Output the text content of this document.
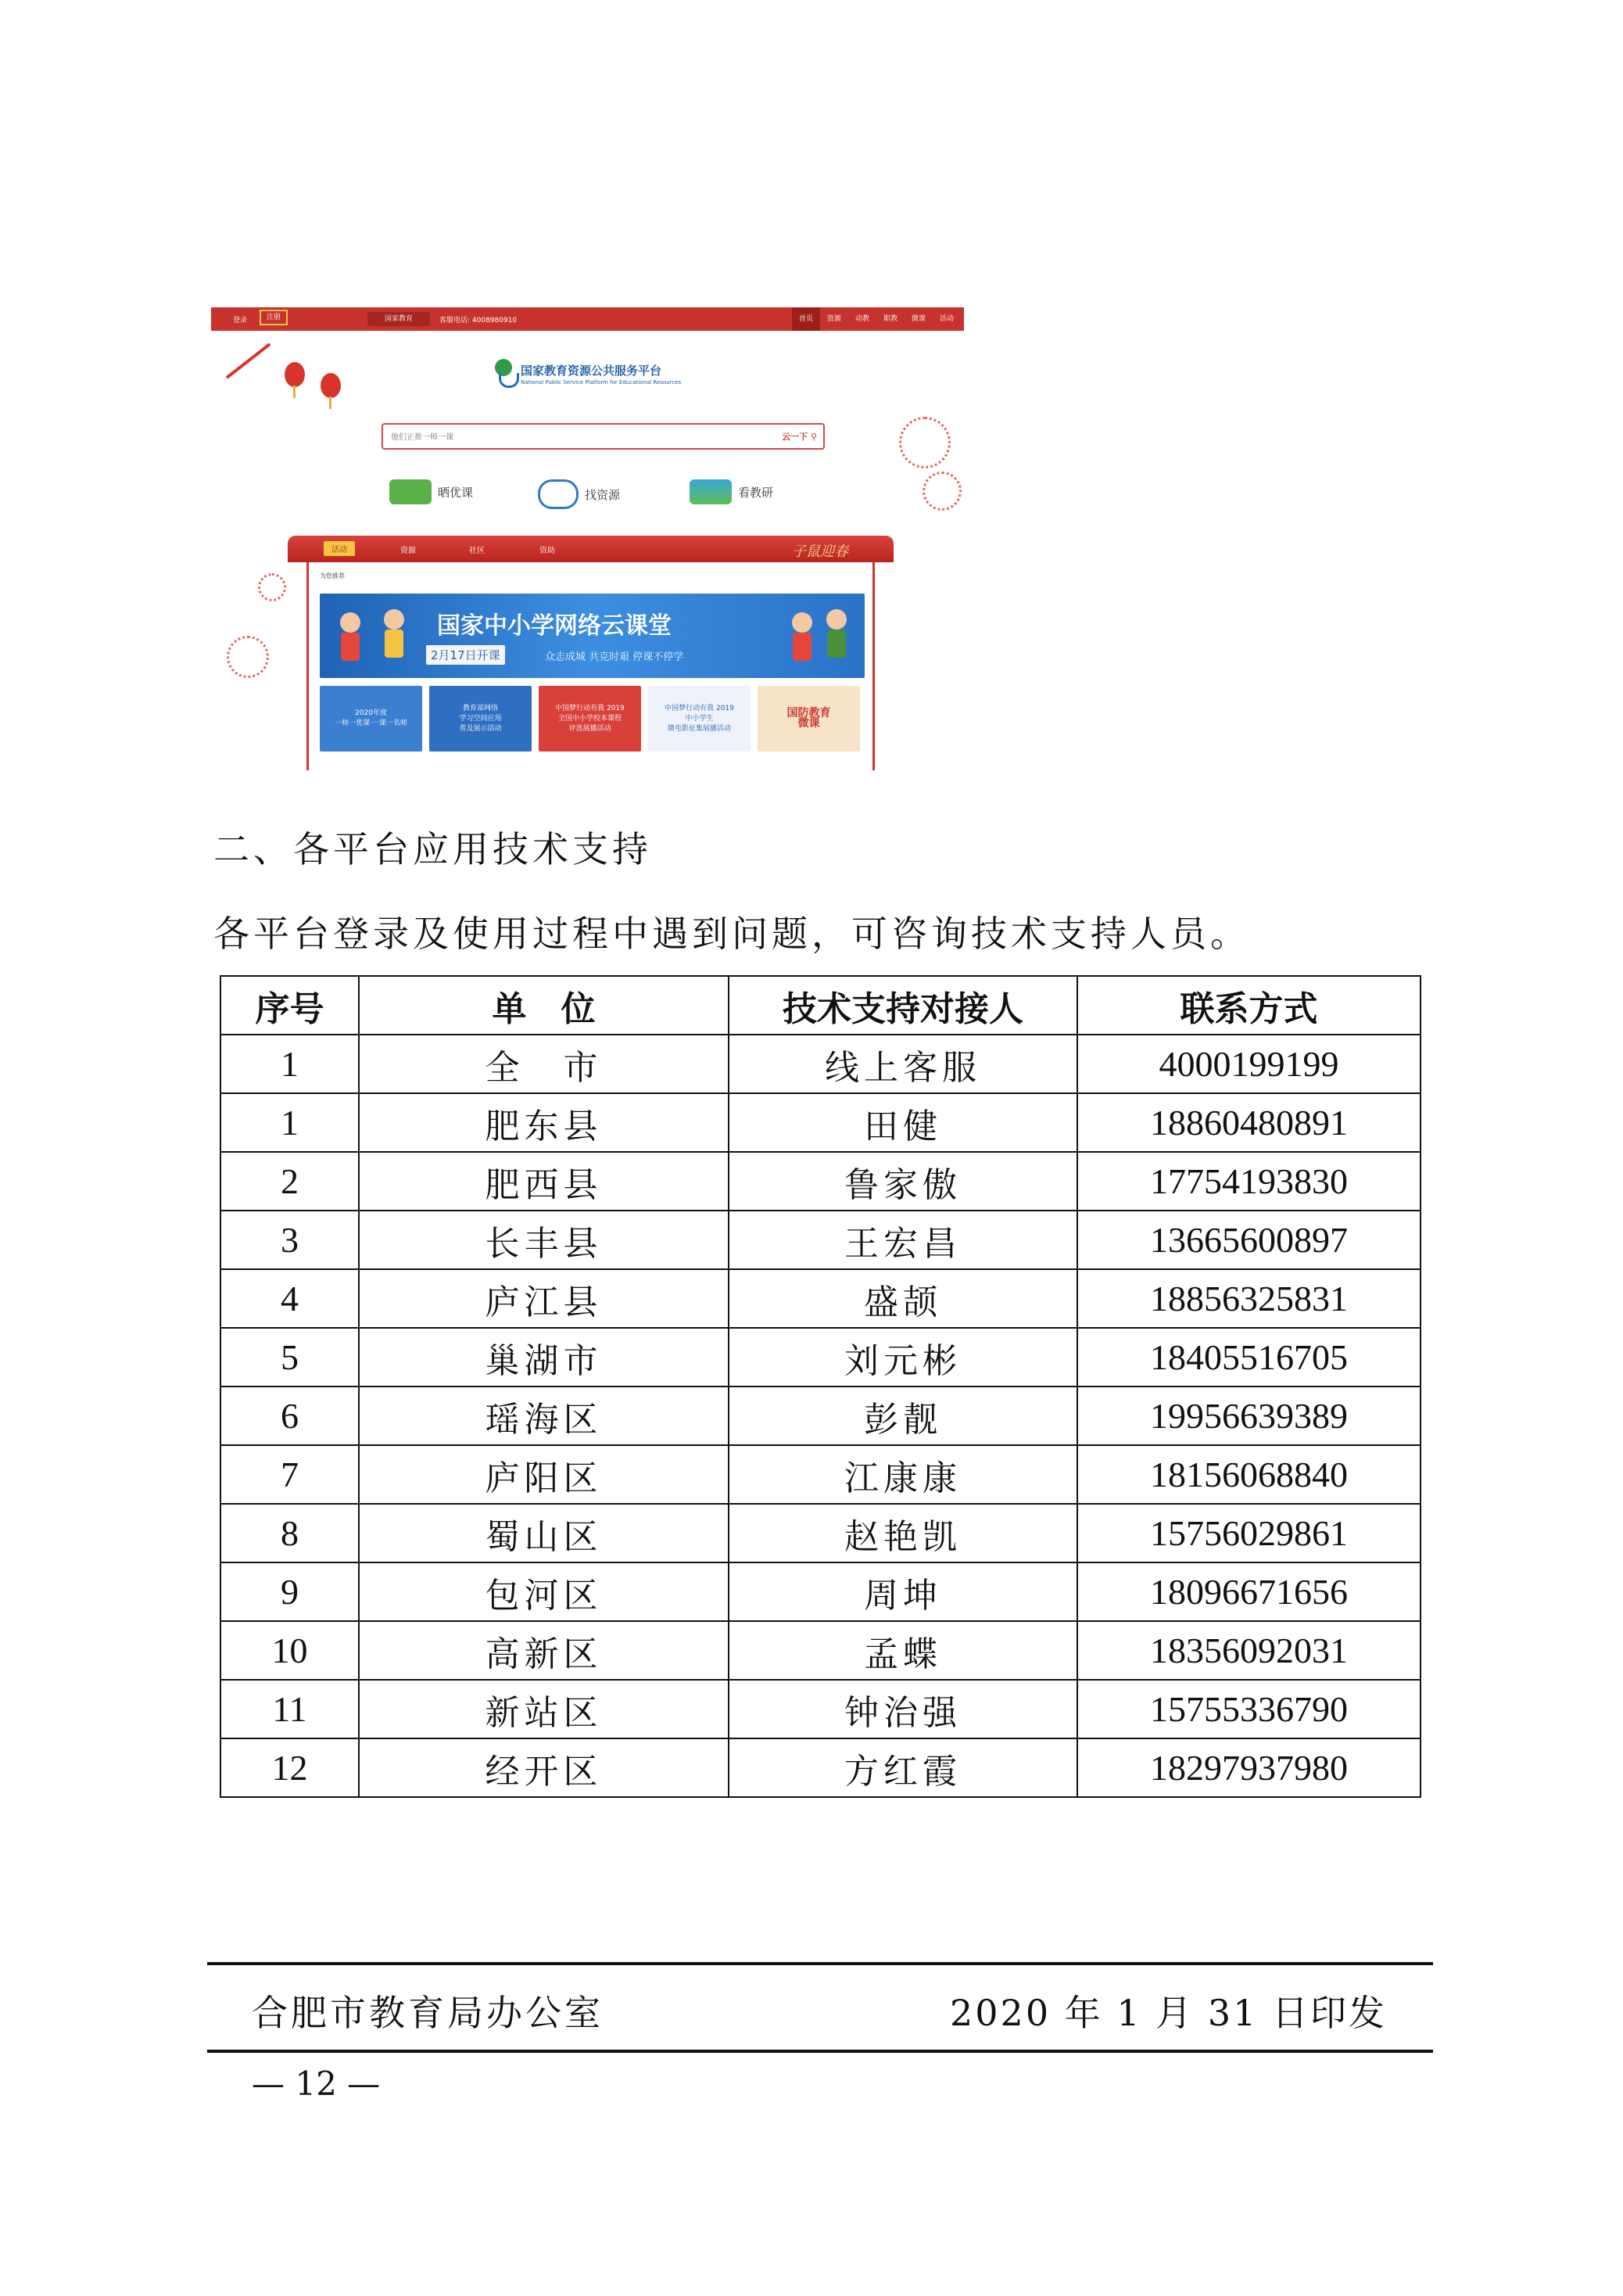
登录	注册	国家教育	客服电话: 4008980910	首页	资源	动教	职教	微课	活动
国家教育资源公共服务平台
National Public Service Platform for Educational Resources
他们正推一师一课
云一下 ⚲
晒优课	找资源	看教研
活动	资源	社区	资助	子鼠迎春
为您推荐
国家中小学网络云课堂
2月17日开课	众志成城 共克时艰 停课不停学
2020年度
一师一优课·一课一名师
教育部网络
学习空间应用
普及展示活动
中国梦行动有我 2019
全国中小学校本课程
评选展播活动
中国梦行动有我 2019
中小学生
微电影征集展播活动
国防教育
微课
二、各平台应用技术支持
各平台登录及使用过程中遇到问题，可咨询技术支持人员。
序号	单　位	技术支持对接人	联系方式
1	全　市	线上客服	4000199199
1	肥东县	田健	18860480891
2	肥西县	鲁家傲	17754193830
3	长丰县	王宏昌	13665600897
4	庐江县	盛颉	18856325831
5	巢湖市	刘元彬	18405516705
6	瑶海区	彭靓	19956639389
7	庐阳区	江康康	18156068840
8	蜀山区	赵艳凯	15756029861
9	包河区	周坤	18096671656
10	高新区	孟蝶	18356092031
11	新站区	钟治强	15755336790
12	经开区	方红霞	18297937980
合肥市教育局办公室	2020 年 1 月 31 日印发
— 12 —
